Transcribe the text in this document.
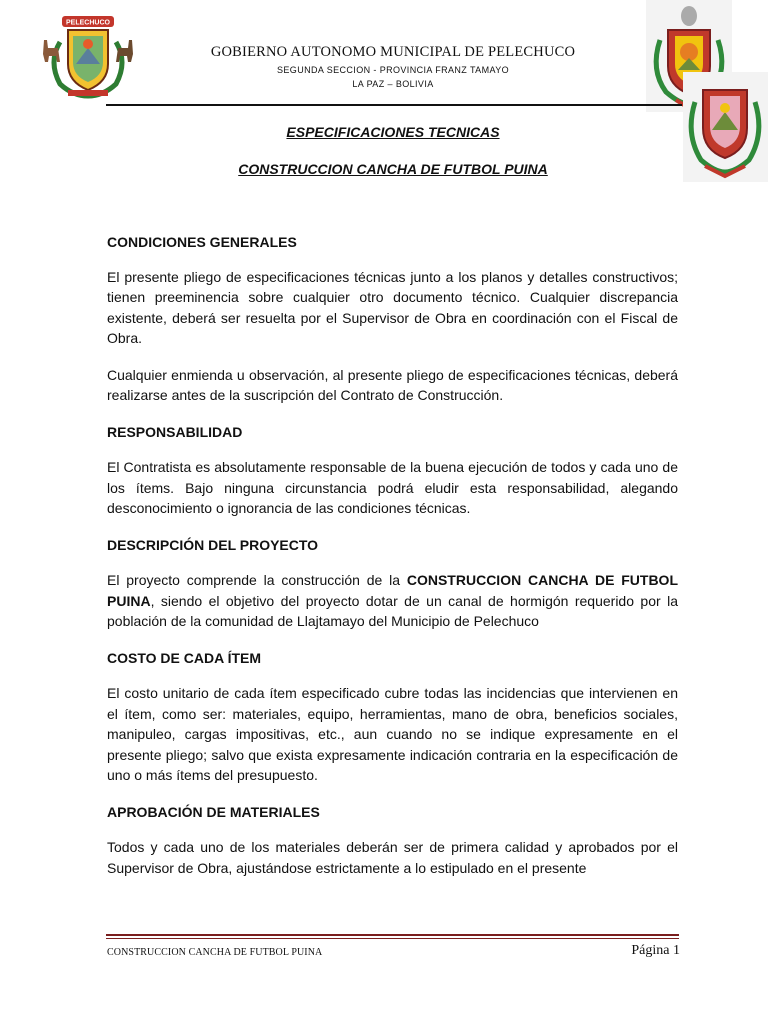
PELECHUCO
GOBIERNO AUTONOMO MUNICIPAL DE PELECHUCO
SEGUNDA SECCION - PROVINCIA FRANZ TAMAYO
LA PAZ – BOLIVIA
ESPECIFICACIONES TECNICAS
CONSTRUCCION CANCHA DE FUTBOL PUINA
CONDICIONES GENERALES

El presente pliego de especificaciones técnicas junto a los planos y detalles constructivos; tienen preeminencia sobre cualquier otro documento técnico. Cualquier discrepancia existente, deberá ser resuelta por el Supervisor de Obra en coordinación con el Fiscal de Obra.

Cualquier enmienda u observación, al presente pliego de especificaciones técnicas, deberá realizarse antes de la suscripción del Contrato de Construcción.

RESPONSABILIDAD

El Contratista es absolutamente responsable de la buena ejecución de todos y cada uno de los ítems. Bajo ninguna circunstancia podrá eludir esta responsabilidad, alegando desconocimiento o ignorancia de las condiciones técnicas.

DESCRIPCIÓN DEL PROYECTO

El proyecto comprende la construcción de la CONSTRUCCION CANCHA DE FUTBOL PUINA, siendo el objetivo del proyecto dotar de un canal de hormigón requerido por la población de la comunidad de Llajtamayo del Municipio de Pelechuco

COSTO DE CADA ÍTEM

El costo unitario de cada ítem especificado cubre todas las incidencias que intervienen en el ítem, como ser: materiales, equipo, herramientas, mano de obra, beneficios sociales, manipuleo, cargas impositivas, etc., aun cuando no se indique expresamente en el presente pliego; salvo que exista expresamente indicación contraria en la especificación de uno o más ítems del presupuesto.

APROBACIÓN DE MATERIALES

Todos y cada uno de los materiales deberán ser de primera calidad y aprobados por el Supervisor de Obra, ajustándose estrictamente a lo estipulado en el presente

CONSTRUCCION CANCHA DE FUTBOL PUINA	Página 1
